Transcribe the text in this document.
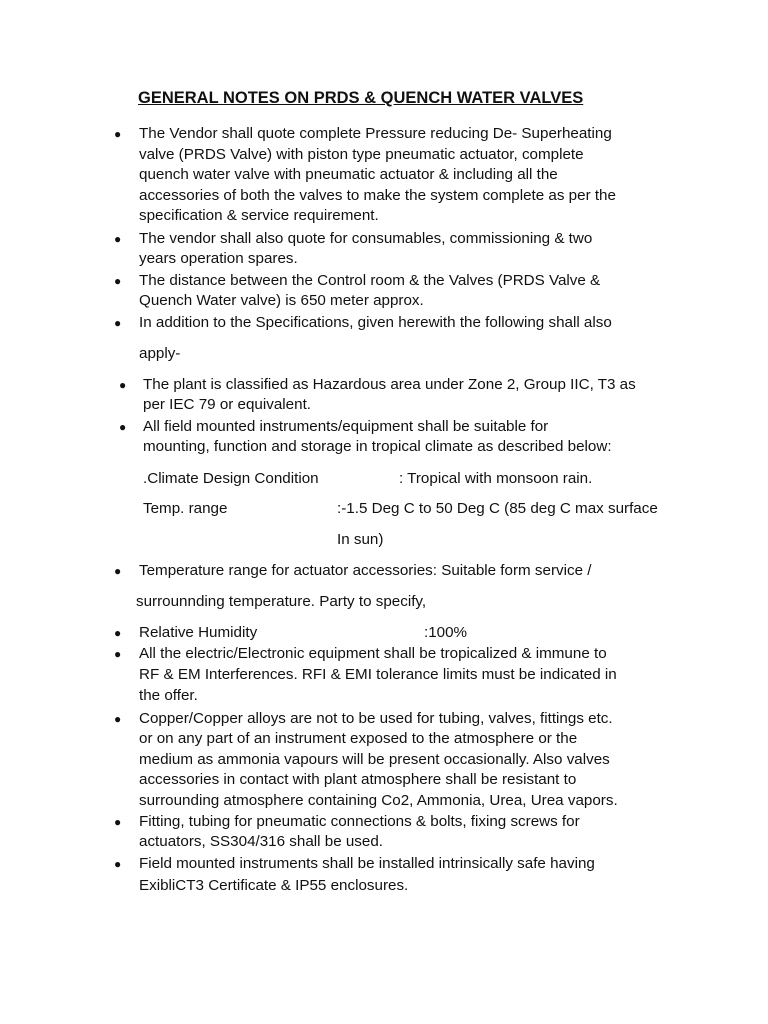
GENERAL NOTES ON PRDS & QUENCH WATER VALVES
● The Vendor shall quote complete Pressure reducing De- Superheating
valve (PRDS Valve) with piston type pneumatic actuator, complete
quench water valve with pneumatic actuator & including all the
accessories of both the valves to make the system complete as per the
specification & service requirement.
● The vendor shall also quote for consumables, commissioning & two
years operation spares.
● The distance between the Control room & the Valves (PRDS Valve &
Quench Water valve) is 650 meter approx.
● In addition to the Specifications, given herewith the following shall also
apply-
● The plant is classified as Hazardous area under Zone 2, Group IIC, T3 as
per IEC 79 or equivalent.
● All field mounted instruments/equipment shall be suitable for
mounting, function and storage in tropical climate as described below:
.Climate Design Condition	: Tropical with monsoon rain.
Temp. range	:-1.5 Deg C to 50 Deg C (85 deg C max surface
In sun)
● Temperature range for actuator accessories: Suitable form service /
surrounnding temperature. Party to specify,
● Relative Humidity	:100%
● All the electric/Electronic equipment shall be tropicalized & immune to
RF & EM Interferences. RFI & EMI tolerance limits must be indicated in
the offer.
● Copper/Copper alloys are not to be used for tubing, valves, fittings etc.
or on any part of an instrument exposed to the atmosphere or the
medium as ammonia vapours will be present occasionally. Also valves
accessories in contact with plant atmosphere shall be resistant to
surrounding atmosphere containing Co2, Ammonia, Urea, Urea vapors.
● Fitting, tubing for pneumatic connections & bolts, fixing screws for
actuators, SS304/316 shall be used.
● Field mounted instruments shall be installed intrinsically safe having
ExibliCT3 Certificate & IP55 enclosures.
